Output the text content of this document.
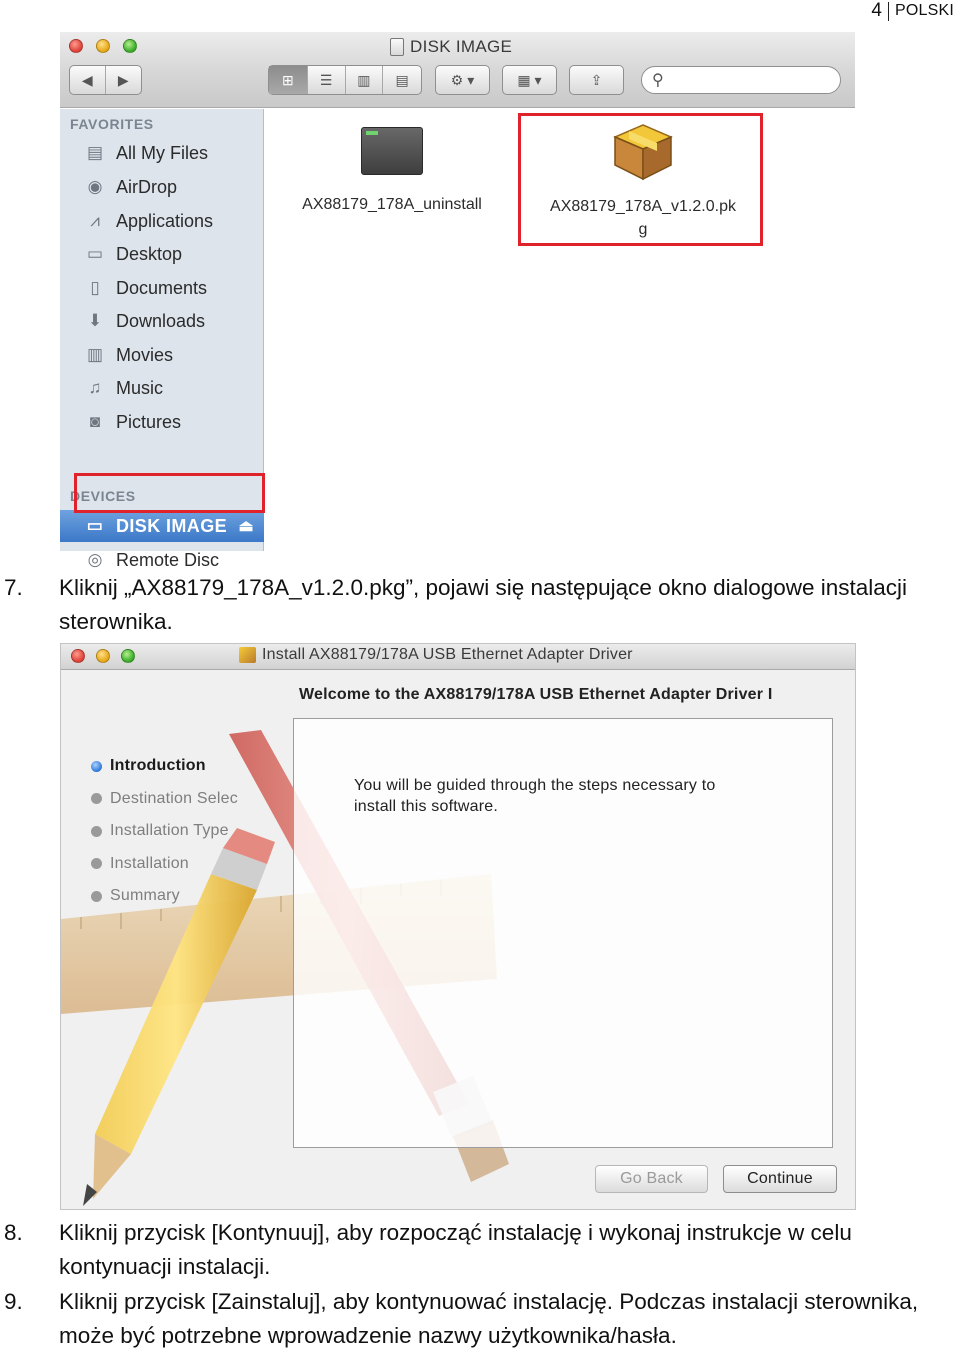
4 POLSKI
DISK IMAGE
◀	▶	⊞	☰	▥	▤	⚙ ▾	▦ ▾	⇪	⚲
FAVORITES
▤ All My Files
◉ AirDrop
⩘ Applications
▭ Desktop
▯ Documents
⬇ Downloads
▥ Movies
♫ Music
◙ Pictures
DEVICES
▭ DISK IMAGE ⏏
◎ Remote Disc
AX88179_178A_uninstall	AX88179_178A_v1.2.0.pk
g
7. Kliknij „AX88179_178A_v1.2.0.pkg”, pojawi się następujące okno dialogowe instalacji sterownika.
Install AX88179/178A USB Ethernet Adapter Driver
Welcome to the AX88179/178A USB Ethernet Adapter Driver I
Introduction
Destination Selec
Installation Type
Installation
Summary
You will be guided through the steps necessary to
install this software.
Go Back	Continue
8. Kliknij przycisk [Kontynuuj], aby rozpocząć instalację i wykonaj instrukcje w celu kontynuacji instalacji.
9. Kliknij przycisk [Zainstaluj], aby kontynuować instalację. Podczas instalacji sterownika, może być potrzebne wprowadzenie nazwy użytkownika/hasła.
